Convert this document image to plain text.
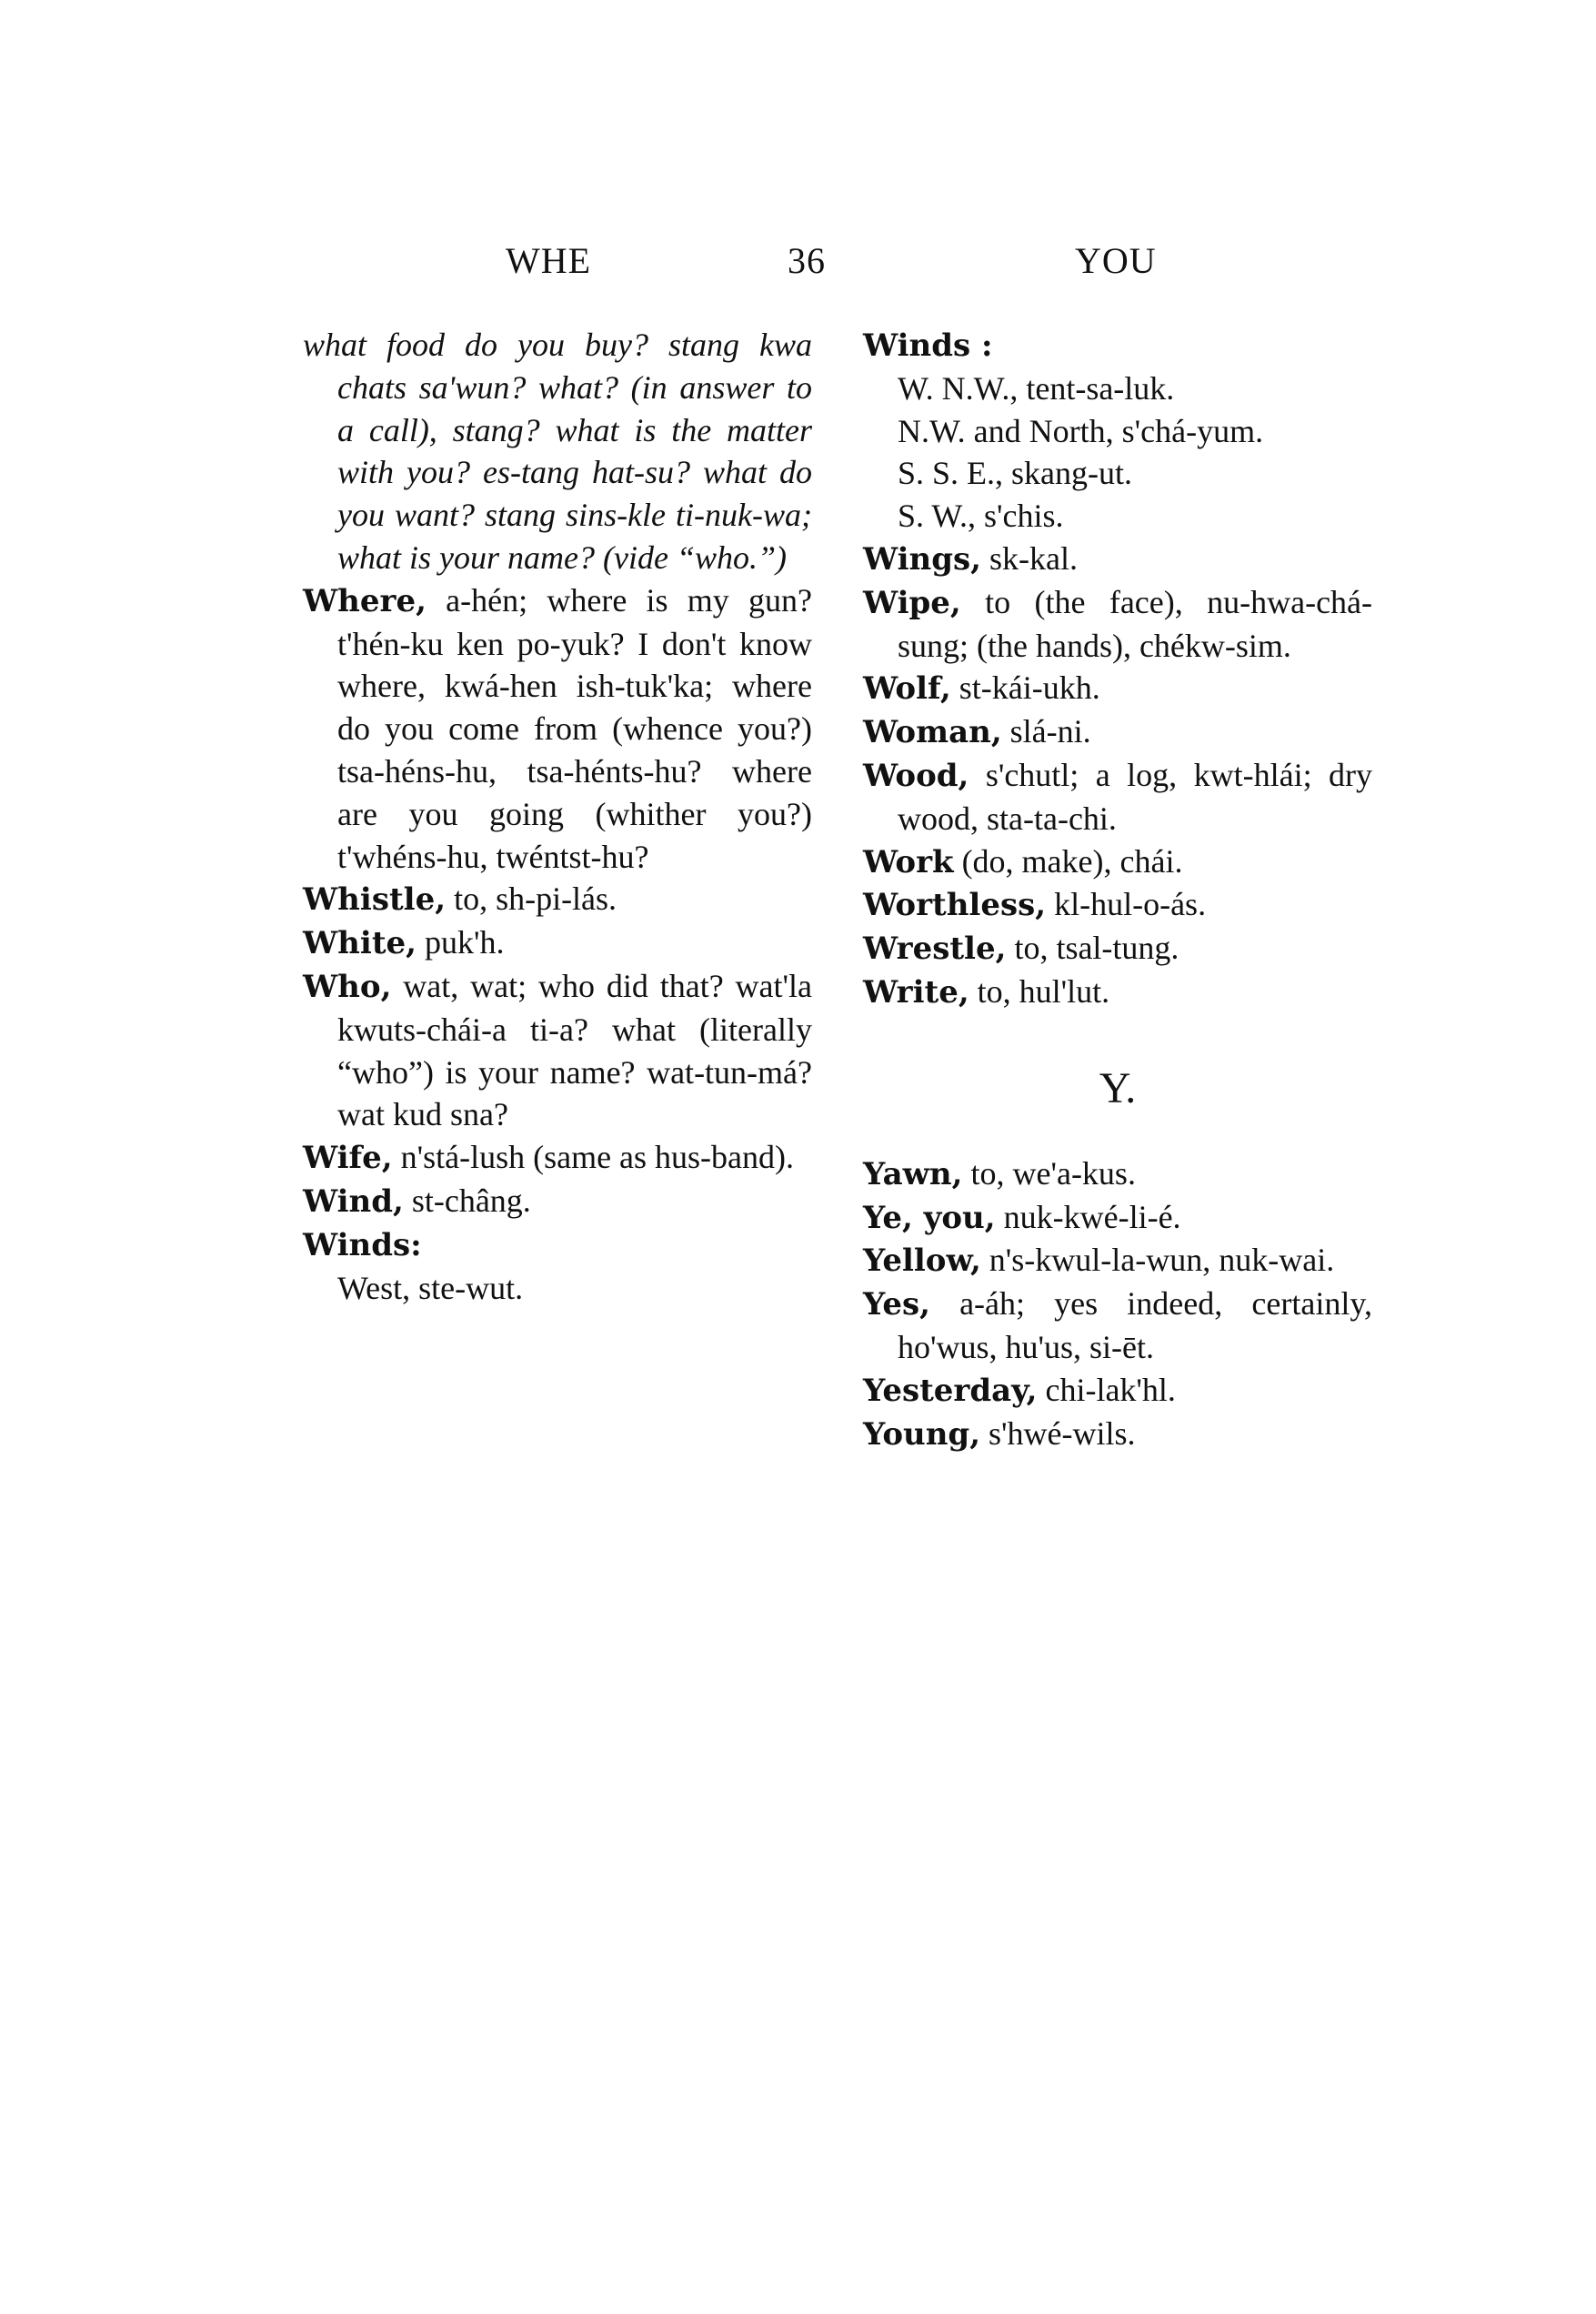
WHE	36	YOU

what food do you buy? stang kwa chats sa'wun? what? (in answer to a call), stang? what is the matter with you? es-tang hat-su? what do you want? stang sins-kle ti-nuk-wa; what is your name? (vide “who.”)

Where, a-hén; where is my gun? t'hén-ku ken po-yuk? I don't know where, kwá-hen ish-tuk'ka; where do you come from (whence you?) tsa-héns-hu, tsa-hénts-hu? where are you going (whither you?) t'whéns-hu, twéntst-hu?

Whistle, to, sh-pi-lás.

White, puk'h.

Who, wat, wat; who did that? wat'la kwuts-chái-a ti-a? what (literally “who”) is your name? wat-tun-má? wat kud sna?

Wife, n'stá-lush (same as hus-band).

Wind, st-châng.

Winds:

West, ste-wut.

Winds :

W. N.W., tent-sa-luk.

N.W. and North, s'chá-yum.

S. S. E., skang-ut.

S. W., s'chis.

Wings, sk-kal.

Wipe, to (the face), nu-hwa-chá-sung; (the hands), chékw-sim.

Wolf, st-kái-ukh.

Woman, slá-ni.

Wood, s'chutl; a log, kwt-hlái; dry wood, sta-ta-chi.

Work (do, make), chái.

Worthless, kl-hul-o-ás.

Wrestle, to, tsal-tung.

Write, to, hul'lut.

Y.

Yawn, to, we'a-kus.

Ye, you, nuk-kwé-li-é.

Yellow, n's-kwul-la-wun, nuk-wai.

Yes, a-áh; yes indeed, certainly, ho'wus, hu'us, si-ēt.

Yesterday, chi-lak'hl.

Young, s'hwé-wils.
